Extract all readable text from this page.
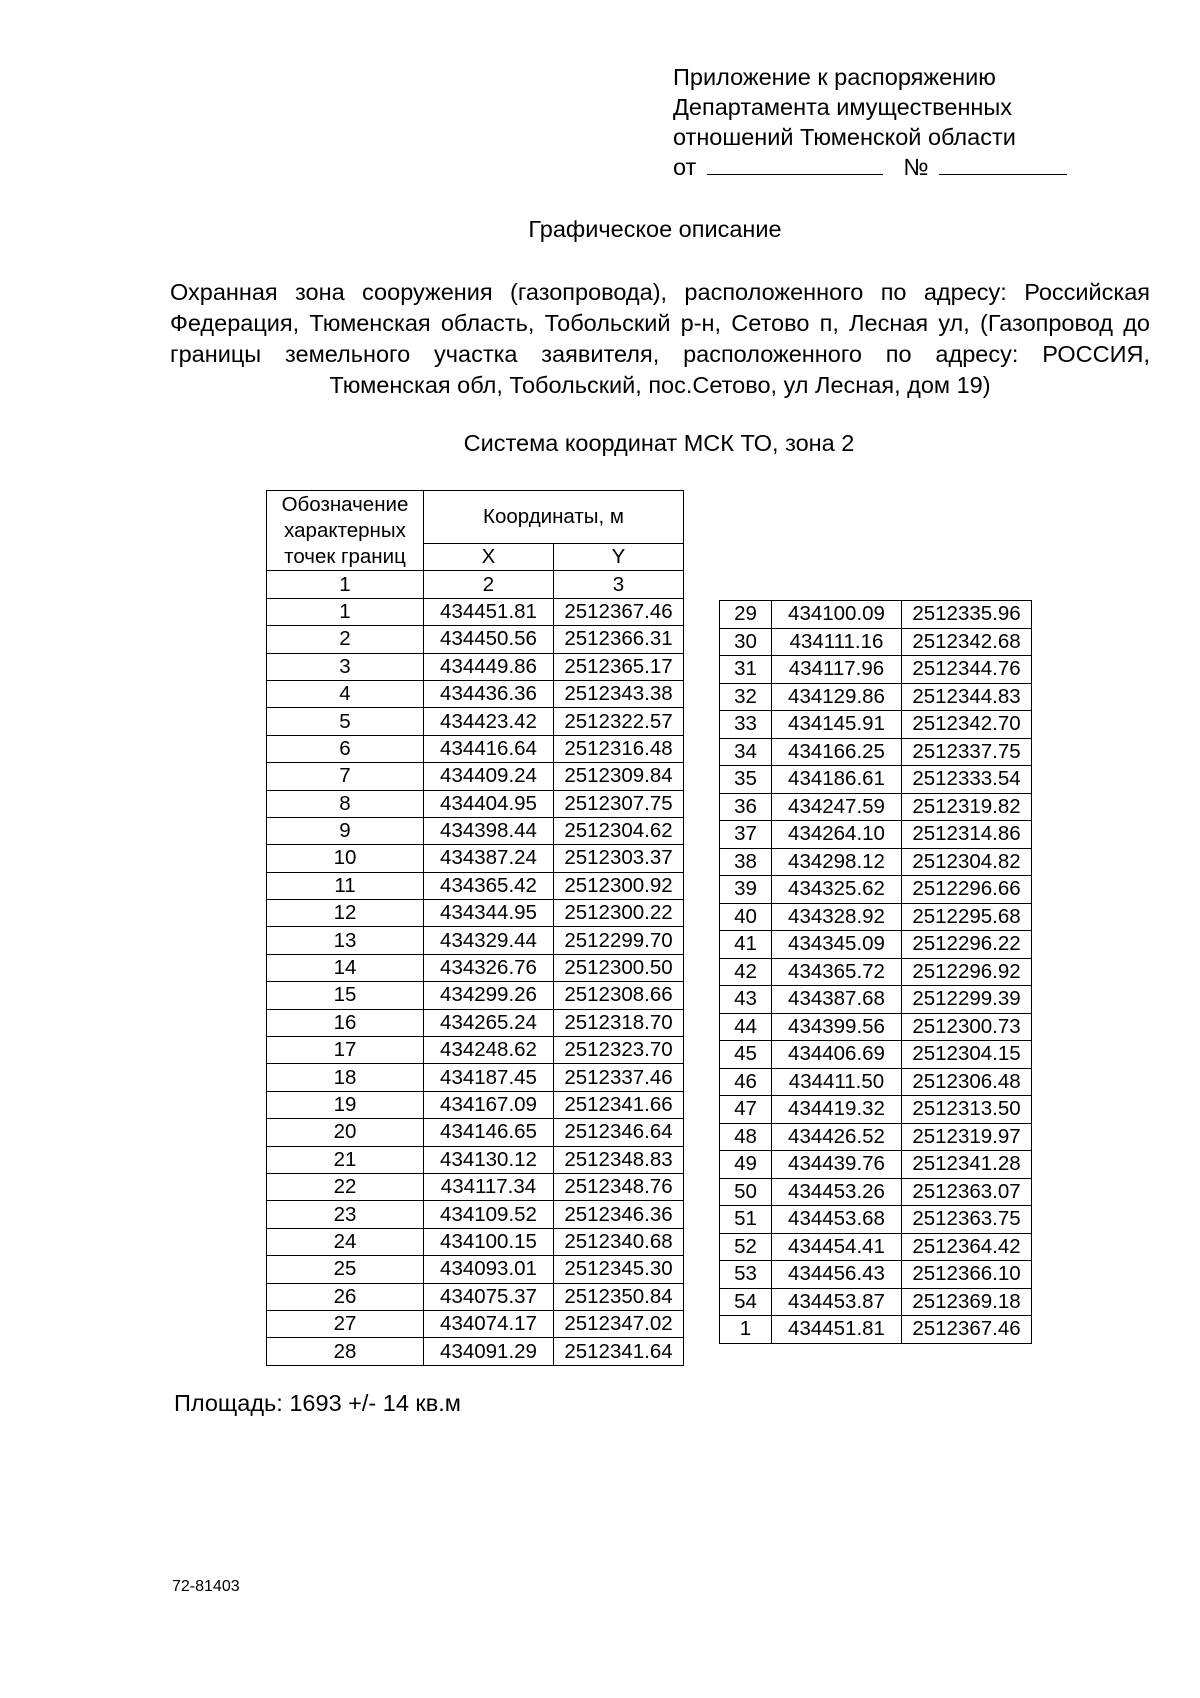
Приложение к распоряжению
Департамента имущественных
отношений Тюменской области
от	№
Графическое описание
Охранная зона сооружения (газопровода), расположенного по адресу: Российская Федерация, Тюменская область, Тобольский р-н, Сетово п, Лесная ул, (Газопровод до границы земельного участка заявителя, расположенного по адресу: РОССИЯ, Тюменская обл, Тобольский, пос.Сетово, ул Лесная, дом 19)
Система координат МСК ТО, зона 2
Обозначение характерных точек границ	Координаты, м	
	X	Y
1	2	3
1	434451.81	2512367.46
2	434450.56	2512366.31
3	434449.86	2512365.17
4	434436.36	2512343.38
5	434423.42	2512322.57
6	434416.64	2512316.48
7	434409.24	2512309.84
8	434404.95	2512307.75
9	434398.44	2512304.62
10	434387.24	2512303.37
11	434365.42	2512300.92
12	434344.95	2512300.22
13	434329.44	2512299.70
14	434326.76	2512300.50
15	434299.26	2512308.66
16	434265.24	2512318.70
17	434248.62	2512323.70
18	434187.45	2512337.46
19	434167.09	2512341.66
20	434146.65	2512346.64
21	434130.12	2512348.83
22	434117.34	2512348.76
23	434109.52	2512346.36
24	434100.15	2512340.68
25	434093.01	2512345.30
26	434075.37	2512350.84
27	434074.17	2512347.02
28	434091.29	2512341.64
29	434100.09	2512335.96
30	434111.16	2512342.68
31	434117.96	2512344.76
32	434129.86	2512344.83
33	434145.91	2512342.70
34	434166.25	2512337.75
35	434186.61	2512333.54
36	434247.59	2512319.82
37	434264.10	2512314.86
38	434298.12	2512304.82
39	434325.62	2512296.66
40	434328.92	2512295.68
41	434345.09	2512296.22
42	434365.72	2512296.92
43	434387.68	2512299.39
44	434399.56	2512300.73
45	434406.69	2512304.15
46	434411.50	2512306.48
47	434419.32	2512313.50
48	434426.52	2512319.97
49	434439.76	2512341.28
50	434453.26	2512363.07
51	434453.68	2512363.75
52	434454.41	2512364.42
53	434456.43	2512366.10
54	434453.87	2512369.18
1	434451.81	2512367.46
Площадь: 1693 +/- 14 кв.м
72-81403
